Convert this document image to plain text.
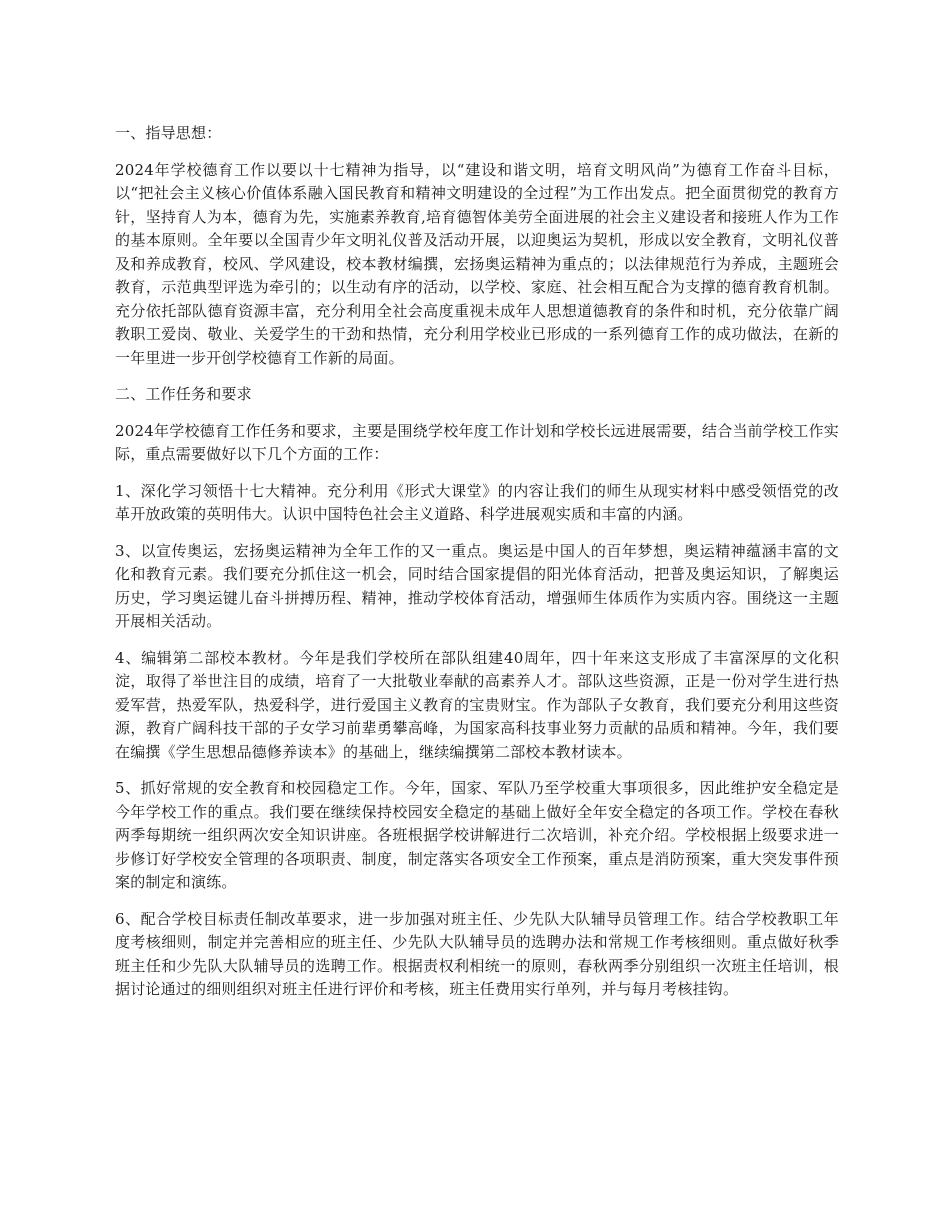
一、指导思想：

2024年学校德育工作以要以十七精神为指导，以“建设和谐文明，培育文明风尚”为德育工作奋斗目标，以“把社会主义核心价值体系融入国民教育和精神文明建设的全过程”为工作出发点。把全面贯彻党的教育方针，坚持育人为本，德育为先，实施素养教育,培育德智体美劳全面进展的社会主义建设者和接班人作为工作的基本原则。全年要以全国青少年文明礼仪普及活动开展，以迎奥运为契机，形成以安全教育，文明礼仪普及和养成教育，校风、学风建设，校本教材编撰，宏扬奥运精神为重点的；以法律规范行为养成，主题班会教育，示范典型评选为牵引的；以生动有序的活动，以学校、家庭、社会相互配合为支撑的德育教育机制。充分依托部队德育资源丰富，充分利用全社会高度重视未成年人思想道德教育的条件和时机，充分依靠广阔教职工爱岗、敬业、关爱学生的干劲和热情，充分利用学校业已形成的一系列德育工作的成功做法，在新的一年里进一步开创学校德育工作新的局面。

二、工作任务和要求

2024年学校德育工作任务和要求，主要是围绕学校年度工作计划和学校长远进展需要，结合当前学校工作实际，重点需要做好以下几个方面的工作：

1、深化学习领悟十七大精神。充分利用《形式大课堂》的内容让我们的师生从现实材料中感受领悟党的改革开放政策的英明伟大。认识中国特色社会主义道路、科学进展观实质和丰富的内涵。

3、以宣传奥运，宏扬奥运精神为全年工作的又一重点。奥运是中国人的百年梦想，奥运精神蕴涵丰富的文化和教育元素。我们要充分抓住这一机会，同时结合国家提倡的阳光体育活动，把普及奥运知识，了解奥运历史，学习奥运键儿奋斗拼搏历程、精神，推动学校体育活动，增强师生体质作为实质内容。围绕这一主题开展相关活动。

4、编辑第二部校本教材。今年是我们学校所在部队组建40周年，四十年来这支形成了丰富深厚的文化积淀，取得了举世注目的成绩，培育了一大批敬业奉献的高素养人才。部队这些资源，正是一份对学生进行热爱军营，热爱军队，热爱科学，进行爱国主义教育的宝贵财宝。作为部队子女教育，我们要充分利用这些资源，教育广阔科技干部的子女学习前辈勇攀高峰，为国家高科技事业努力贡献的品质和精神。今年，我们要在编撰《学生思想品德修养读本》的基础上，继续编撰第二部校本教材读本。

5、抓好常规的安全教育和校园稳定工作。今年，国家、军队乃至学校重大事项很多，因此维护安全稳定是今年学校工作的重点。我们要在继续保持校园安全稳定的基础上做好全年安全稳定的各项工作。学校在春秋两季每期统一组织两次安全知识讲座。各班根据学校讲解进行二次培训，补充介绍。学校根据上级要求进一步修订好学校安全管理的各项职责、制度，制定落实各项安全工作预案，重点是消防预案，重大突发事件预案的制定和演练。

6、配合学校目标责任制改革要求，进一步加强对班主任、少先队大队辅导员管理工作。结合学校教职工年度考核细则，制定并完善相应的班主任、少先队大队辅导员的选聘办法和常规工作考核细则。重点做好秋季班主任和少先队大队辅导员的选聘工作。根据责权利相统一的原则，春秋两季分别组织一次班主任培训，根据讨论通过的细则组织对班主任进行评价和考核，班主任费用实行单列，并与每月考核挂钩。
